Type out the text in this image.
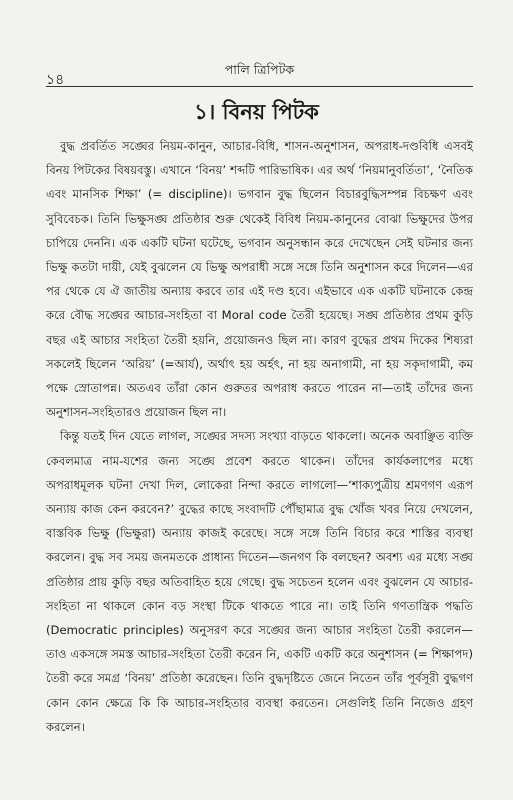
১৪
পালি ত্রিপিটক
১। বিনয় পিটক

বুদ্ধ প্রবর্তিত সঙ্ঘের নিয়ম-কানুন, আচার-বিধি, শাসন-অনুশাসন, অপরাধ-দণ্ডবিধি এসবই বিনয় পিটকের বিষয়বস্তু। এখানে ‘বিনয়’ শব্দটি পারিভাষিক। এর অর্থ ‘নিয়মানুবর্তিতা’, ‘নৈতিক এবং মানসিক শিক্ষা’ (= discipline)। ভগবান বুদ্ধ ছিলেন বিচারবুদ্ধিসম্পন্ন বিচক্ষণ এবং সুবিবেচক। তিনি ভিক্ষুসঙ্ঘ প্রতিষ্ঠার শুরু থেকেই বিবিধ নিয়ম-কানুনের বোঝা ভিক্ষুদের উপর চাপিয়ে দেননি। এক একটি ঘটনা ঘটেছে, ভগবান অনুসন্ধান করে দেখেছেন সেই ঘটনার জন্য ভিক্ষু কতটা দায়ী, যেই বুঝলেন যে ভিক্ষু অপরাধী সঙ্গে সঙ্গে তিনি অনুশাসন করে দিলেন—এর পর থেকে যে ঐ জাতীয় অন্যায় করবে তার এই দণ্ড হবে। এইভাবে এক একটি ঘটনাকে কেন্দ্র করে বৌদ্ধ সঙ্ঘের আচার-সংহিতা বা Moral code তৈরী হয়েছে। সঙ্ঘ প্রতিষ্ঠার প্রথম কুড়ি বছর এই আচার সংহিতা তৈরী হয়নি, প্রয়োজনও ছিল না। কারণ বুদ্ধের প্রথম দিকের শিষ্যরা সকলেই ছিলেন ‘অরিয়’ (=আর্য), অর্থাৎ হয় অর্হৎ, না হয় অনাগামী, না হয় সকৃদাগামী, কম পক্ষে স্রোতাপন্ন। অতএব তাঁরা কোন গুরুতর অপরাধ করতে পারেন না—তাই তাঁদের জন্য অনুশাসন-সংহিতারও প্রয়োজন ছিল না।

কিন্তু যতই দিন যেতে লাগল, সঙ্ঘের সদস্য সংখ্যা বাড়তে থাকলো। অনেক অবাঞ্ছিত ব্যক্তি কেবলমাত্র নাম-যশের জন্য সঙ্ঘে প্রবেশ করতে থাকেন। তাঁদের কার্যকলাপের মধ্যে অপরাধমূলক ঘটনা দেখা দিল, লোকেরা নিন্দা করতে লাগলো—‘শাক্যপুত্রীয় শ্রমণগণ এরূপ অন্যায় কাজ কেন করবেন?’ বুদ্ধের কাছে সংবাদটি পৌঁছামাত্র বুদ্ধ খোঁজ খবর নিয়ে দেখলেন, বাস্তবিক ভিক্ষু (ভিক্ষুরা) অন্যায় কাজই করেছে। সঙ্গে সঙ্গে তিনি বিচার করে শাস্তির ব্যবস্থা করলেন। বুদ্ধ সব সময় জনমতকে প্রাধান্য দিতেন—জনগণ কি বলছেন? অবশ্য এর মধ্যে সঙ্ঘ প্রতিষ্ঠার প্রায় কুড়ি বছর অতিবাহিত হয়ে গেছে। বুদ্ধ সচেতন হলেন এবং বুঝলেন যে আচার-সংহিতা না থাকলে কোন বড় সংস্থা টিকে থাকতে পারে না। তাই তিনি গণতান্ত্রিক পদ্ধতি (Democratic principles) অনুসরণ করে সঙ্ঘের জন্য আচার সংহিতা তৈরী করলেন—তাও একসঙ্গে সমস্ত আচার-সংহিতা তৈরী করেন নি, একটি একটি করে অনুশাসন (= শিক্ষাপদ) তৈরী করে সমগ্র ‘বিনয়’ প্রতিষ্ঠা করেছেন। তিনি বুদ্ধদৃষ্টিতে জেনে নিতেন তাঁর পূর্বসূরী বুদ্ধগণ কোন কোন ক্ষেত্রে কি কি আচার-সংহিতার ব্যবস্থা করতেন। সেগুলিই তিনি নিজেও গ্রহণ করলেন।
